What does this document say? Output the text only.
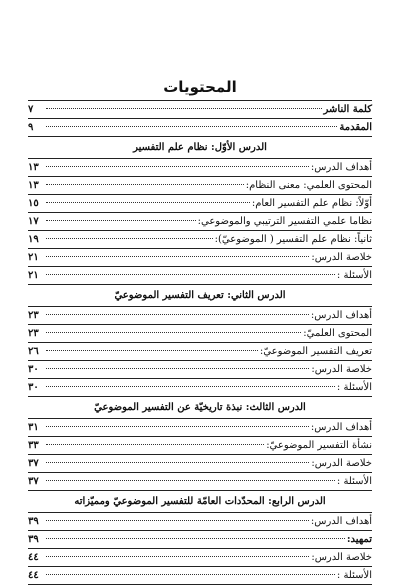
المحتويات
كلمة الناشر
٧
المقدمة
٩
الدرس الأوّل: نظام علم التفسير
أهداف الدرس:
١٣
المحتوى العلمي: معنى النظام:
١٣
أوّلاً: نظام علم التفسير العام:
١٥
نظاما علمي التفسير الترتيبي والموضوعي:
١٧
ثانياً: نظام علم التفسير ( الموضوعيّ):
١٩
خلاصة الدرس:
٢١
الأسئلة :
٢١
الدرس الثاني: تعريف التفسير الموضوعيّ
أهداف الدرس:
٢٣
المحتوى العلميّ:
٢٣
تعريف التفسير الموضوعيّ:
٢٦
خلاصة الدرس:
٣٠
الأسئلة :
٣٠
الدرس الثالث: نبذة تاريخيّة عن التفسير الموضوعيّ
أهداف الدرس:
٣١
نشأة التفسير الموضوعيّ:
٣٣
خلاصة الدرس:
٣٧
الأسئلة :
٣٧
الدرس الرابع: المحدّدات العامّة للتفسير الموضوعيّ ومميّزاته
أهداف الدرس:
٣٩
تمهيد:
٣٩
خلاصة الدرس:
٤٤
الأسئلة :
٤٤
